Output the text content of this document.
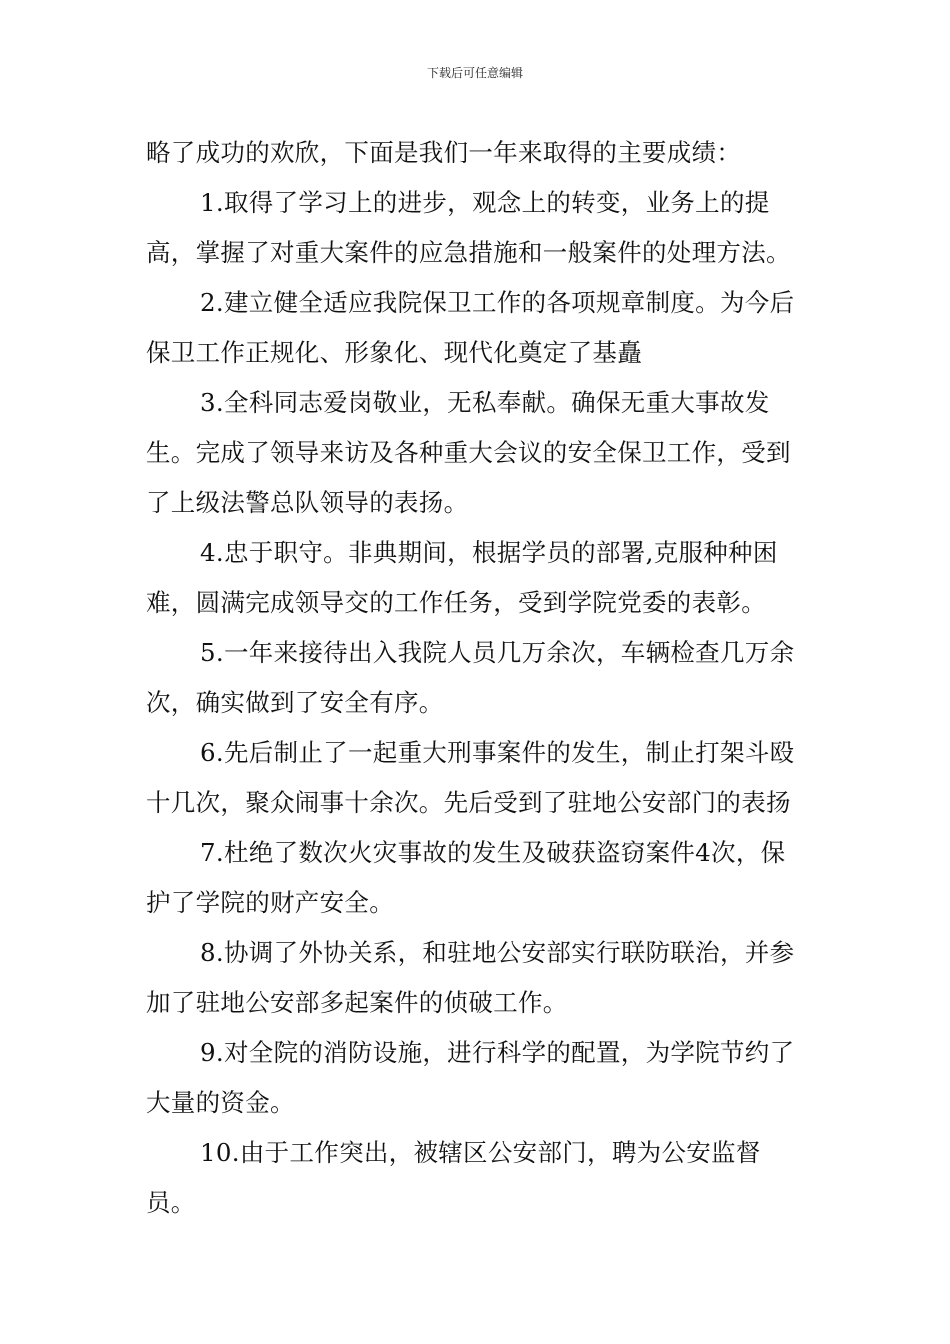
下载后可任意编辑

略了成功的欢欣，下面是我们一年来取得的主要成绩：

1.取得了学习上的进步，观念上的转变，业务上的提高，掌握了对重大案件的应急措施和一般案件的处理方法。

2.建立健全适应我院保卫工作的各项规章制度。为今后保卫工作正规化、形象化、现代化奠定了基矗

3.全科同志爱岗敬业，无私奉献。确保无重大事故发生。完成了领导来访及各种重大会议的安全保卫工作，受到了上级法警总队领导的表扬。

4.忠于职守。非典期间，根据学员的部署,克服种种困难，圆满完成领导交的工作任务，受到学院党委的表彰。

5.一年来接待出入我院人员几万余次，车辆检查几万余次，确实做到了安全有序。

6.先后制止了一起重大刑事案件的发生，制止打架斗殴十几次，聚众闹事十余次。先后受到了驻地公安部门的表扬

7.杜绝了数次火灾事故的发生及破获盗窃案件4次，保护了学院的财产安全。

8.协调了外协关系，和驻地公安部实行联防联治，并参加了驻地公安部多起案件的侦破工作。

9.对全院的消防设施，进行科学的配置，为学院节约了大量的资金。

10.由于工作突出，被辖区公安部门，聘为公安监督员。
